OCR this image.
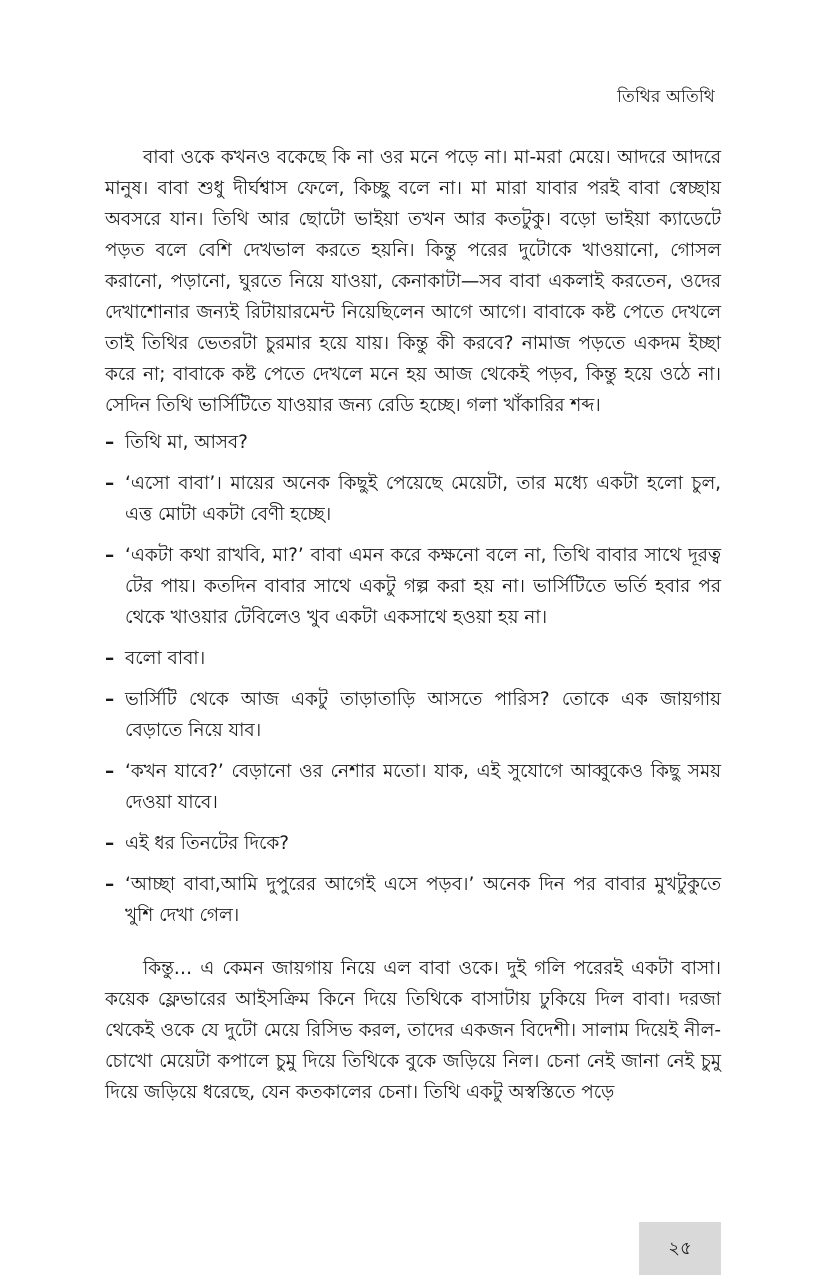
তিথির অতিথি

বাবা ওকে কখনও বকেছে কি না ওর মনে পড়ে না। মা-মরা মেয়ে। আদরে আদরে মানুষ। বাবা শুধু দীর্ঘশ্বাস ফেলে, কিচ্ছু বলে না। মা মারা যাবার পরই বাবা স্বেচ্ছায় অবসরে যান। তিথি আর ছোটো ভাইয়া তখন আর কতটুকু। বড়ো ভাইয়া ক্যাডেটে পড়ত বলে বেশি দেখভাল করতে হয়নি। কিন্তু পরের দুটোকে খাওয়ানো, গোসল করানো, পড়ানো, ঘুরতে নিয়ে যাওয়া, কেনাকাটা—সব বাবা একলাই করতেন, ওদের দেখাশোনার জন্যই রিটায়ারমেন্ট নিয়েছিলেন আগে আগে। বাবাকে কষ্ট পেতে দেখলে তাই তিথির ভেতরটা চুরমার হয়ে যায়। কিন্তু কী করবে? নামাজ পড়তে একদম ইচ্ছা করে না; বাবাকে কষ্ট পেতে দেখলে মনে হয় আজ থেকেই পড়ব, কিন্তু হয়ে ওঠে না। সেদিন তিথি ভার্সিটিতে যাওয়ার জন্য রেডি হচ্ছে। গলা খাঁকারির শব্দ।

– তিথি মা, আসব?

– ‘এসো বাবা’। মায়ের অনেক কিছুই পেয়েছে মেয়েটা, তার মধ্যে একটা হলো চুল, এত্ত মোটা একটা বেণী হচ্ছে।

– ‘একটা কথা রাখবি, মা?’ বাবা এমন করে কক্ষনো বলে না, তিথি বাবার সাথে দূরত্ব টের পায়। কতদিন বাবার সাথে একটু গল্প করা হয় না। ভার্সিটিতে ভর্তি হবার পর থেকে খাওয়ার টেবিলেও খুব একটা একসাথে হওয়া হয় না।

– বলো বাবা।

– ভার্সিটি থেকে আজ একটু তাড়াতাড়ি আসতে পারিস? তোকে এক জায়গায় বেড়াতে নিয়ে যাব।

– ‘কখন যাবে?’ বেড়ানো ওর নেশার মতো। যাক, এই সুযোগে আব্বুকেও কিছু সময় দেওয়া যাবে।

– এই ধর তিনটের দিকে?

– ‘আচ্ছা বাবা,আমি দুপুরের আগেই এসে পড়ব।’ অনেক দিন পর বাবার মুখটুকুতে খুশি দেখা গেল।

কিন্তু… এ কেমন জায়গায় নিয়ে এল বাবা ওকে। দুই গলি পরেরই একটা বাসা। কয়েক ফ্লেভারের আইসক্রিম কিনে দিয়ে তিথিকে বাসাটায় ঢুকিয়ে দিল বাবা। দরজা থেকেই ওকে যে দুটো মেয়ে রিসিভ করল, তাদের একজন বিদেশী। সালাম দিয়েই নীল-চোখো মেয়েটা কপালে চুমু দিয়ে তিথিকে বুকে জড়িয়ে নিল। চেনা নেই জানা নেই চুমু দিয়ে জড়িয়ে ধরেছে, যেন কতকালের চেনা। তিথি একটু অস্বস্তিতে পড়ে

২৫
